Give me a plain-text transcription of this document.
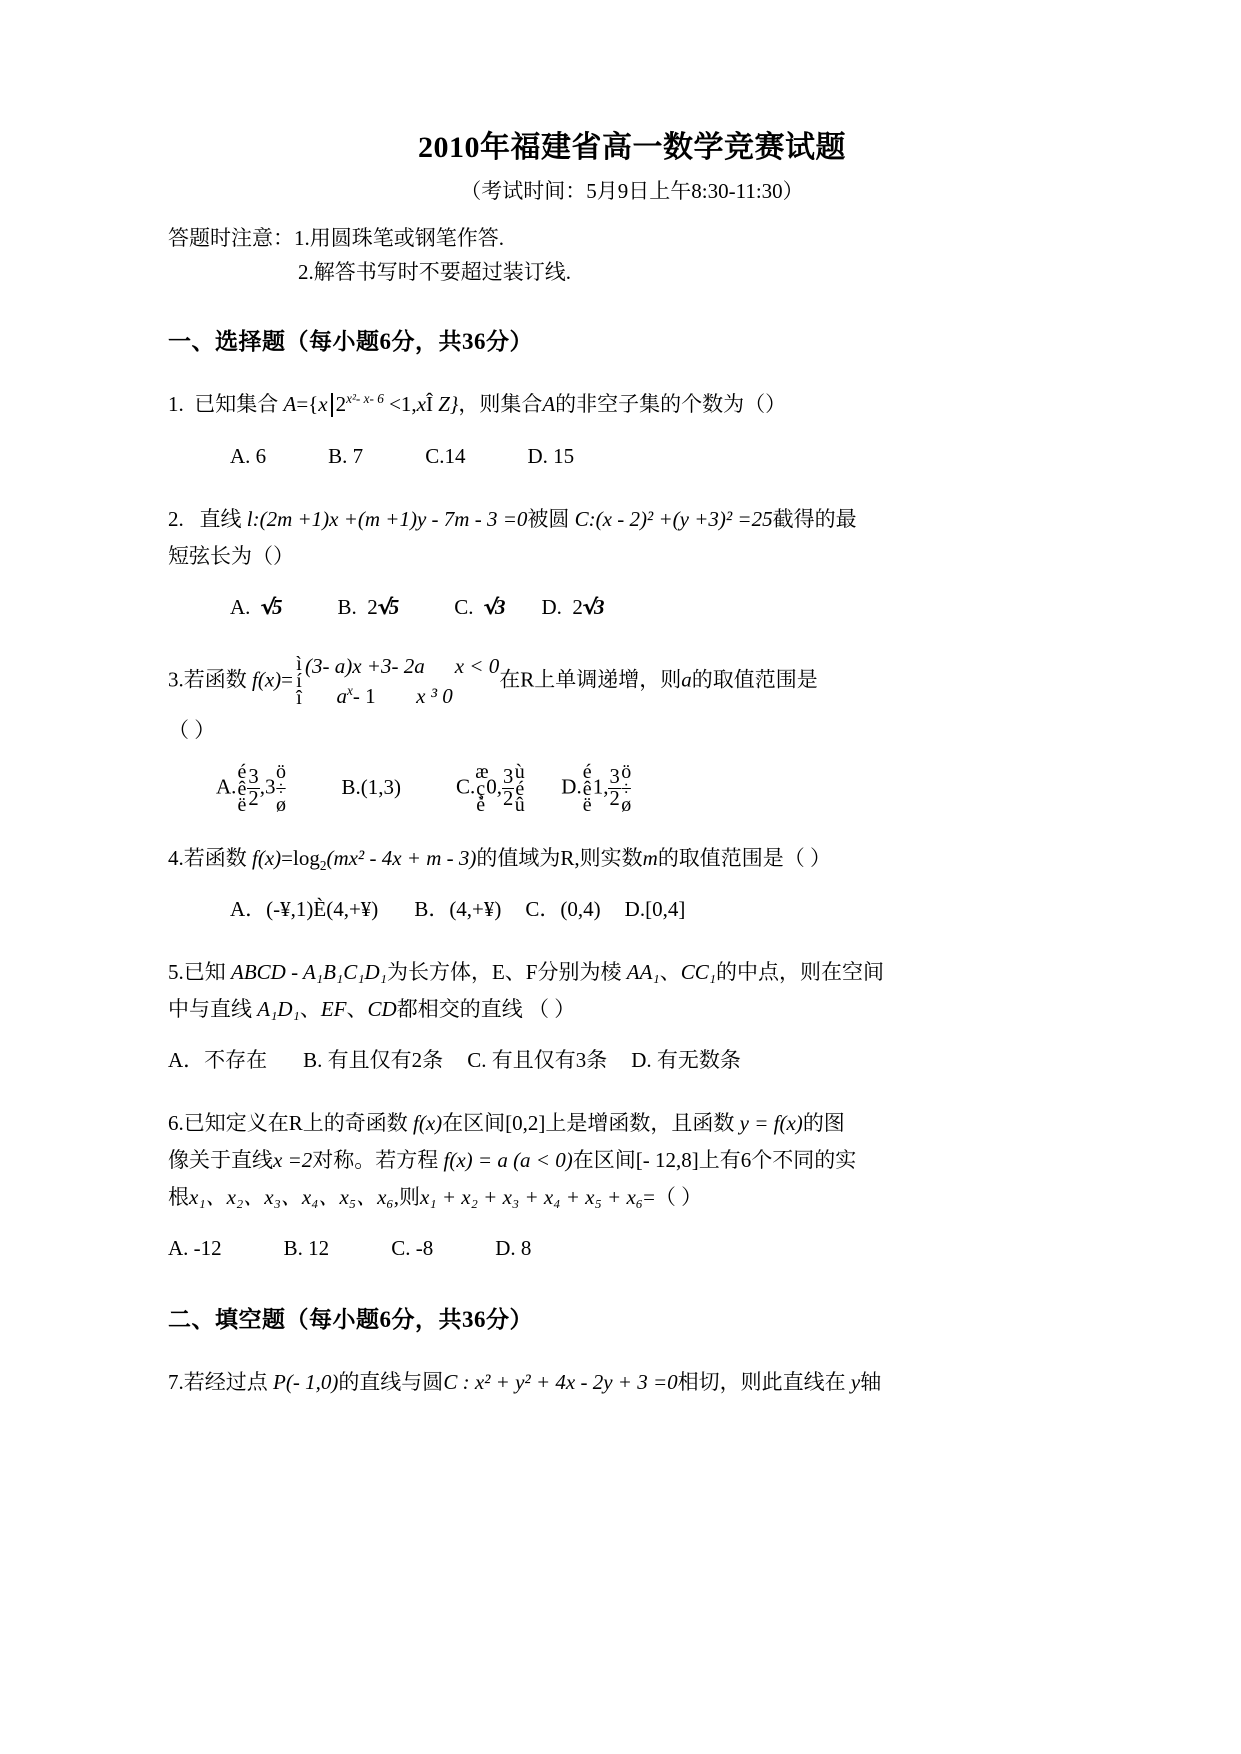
2010年福建省高一数学竞赛试题
（考试时间：5月9日上午8:30-11:30）

答题时注意：1.用圆珠笔或钢笔作答.

2.解答书写时不要超过装订线.

一、选择题（每小题6分，共36分）

1. 已知集合 A={x $2^{x^2- x- 6}$ <1,xÎ Z}，则集合A的非空子集的个数为（）

A. 6	B. 7	C.14	D. 15

2. 直线 l:(2m +1)x +(m +1)y - 7m - 3 =0被圆 C:(x - 2)² +(y +3)² =25截得的最
短弦长为（）

A. √5	B. 2√5	C. √3 D. 2√3

3.若函数 f(x)=ì
í
î(3- a)x +3- 2a x < 0
$a^x-$ 1 x ³ 0在R上单调递增，则a的取值范围是
（ ）

A.
é
ê
ë $\frac{3}{2} ,3$
ö
÷
ø
B.(1,3)	C.
æ
ç
è
0, $\frac{3}{2}$ ù
é
û
D.
é
ê
ë
1, $\frac{3}{2}$ ö
÷
ø

4.若函数 $f(x)=\log_2(mx^2 - 4x + m - 3)$的值域为R,则实数m的取值范围是（ ）

A．(-¥,1)È(4,+¥) B．(4,+¥) C．(0,4) D.[0,4]

5.已知 ABCD - A₁B₁C₁D₁为长方体，E、F分别为棱 AA₁、CC₁的中点，则在空间
中与直线 A₁D₁、EF、CD都相交的直线 （ ）

A．不存在 B. 有且仅有2条 C. 有且仅有3条 D. 有无数条

6.已知定义在R上的奇函数 f(x)在区间[0,2]上是增函数，且函数 y = f(x)的图
像关于直线x =2对称。若方程 f(x) = a (a < 0)在区间[- 12,8]上有6个不同的实
根x₁、x₂、x₃、x₄、x₅、x₆,则x₁ + x₂ + x₃ + x₄ + x₅ + x₆=（ ）

A. -12	B. 12	C. -8	D. 8

二、填空题（每小题6分，共36分）

7.若经过点 P(- 1,0)的直线与圆C : x² + y² + 4x - 2y + 3 =0相切，则此直线在 y轴
